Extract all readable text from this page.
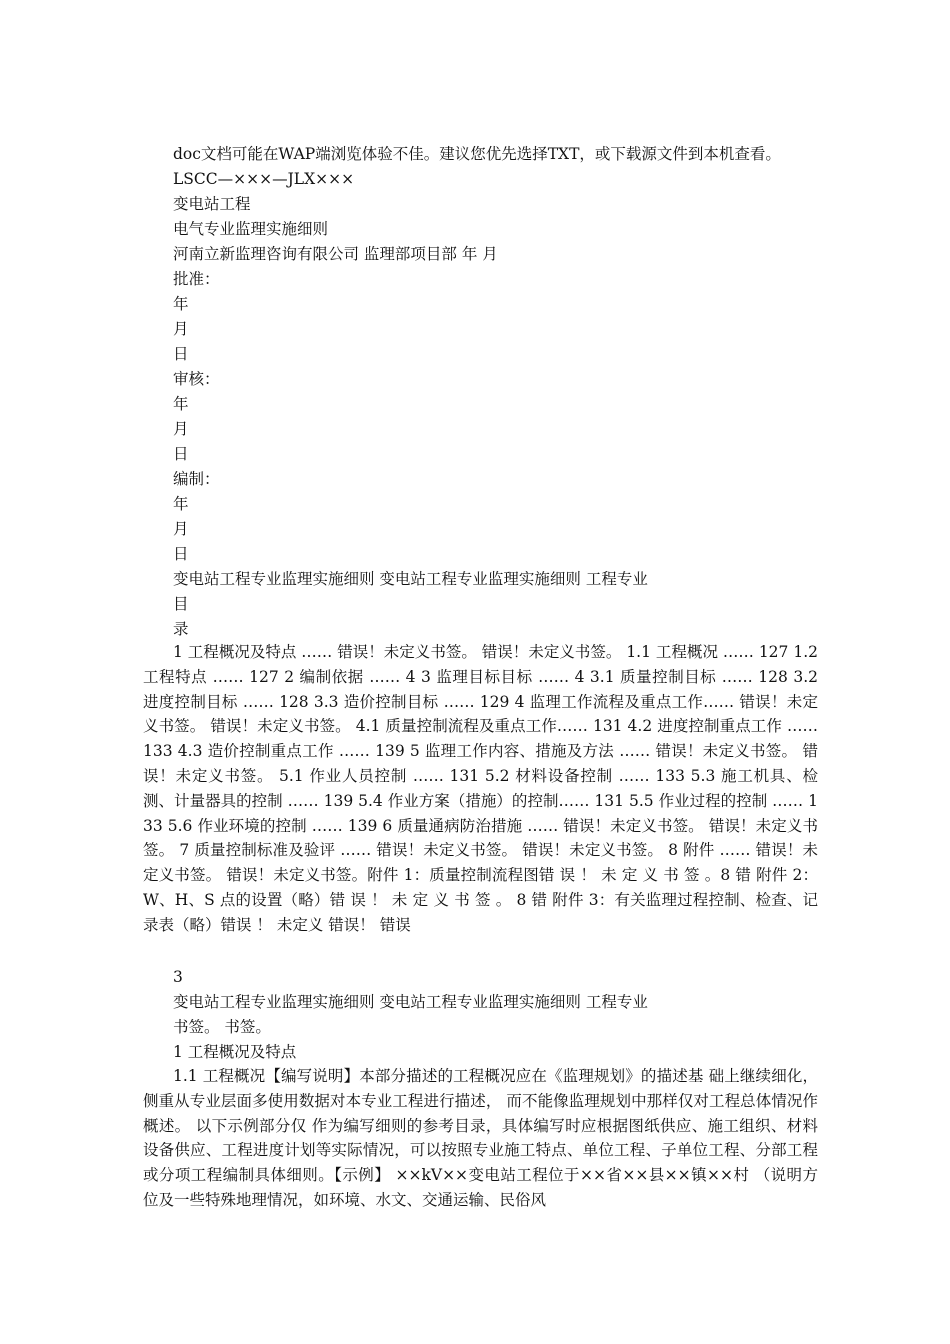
doc文档可能在WAP端浏览体验不佳。建议您优先选择TXT，或下载源文件到本机查看。
LSCC—×××—JLX×××
变电站工程
电气专业监理实施细则
河南立新监理咨询有限公司 监理部项目部 年 月
批准：
年
月
日
审核：
年
月
日
编制：
年
月
日
变电站工程专业监理实施细则 变电站工程专业监理实施细则 工程专业
目
录
1 工程概况及特点 …… 错误！未定义书签。 错误！未定义书签。 1.1 工程概况 …… 127 1.2 工程特点 …… 127 2 编制依据 …… 4 3 监理目标目标 …… 4 3.1 质量控制目标 …… 128 3.2 进度控制目标 …… 128 3.3 造价控制目标 …… 129 4 监理工作流程及重点工作…… 错误！未定义书签。 错误！未定义书签。 4.1 质量控制流程及重点工作…… 131 4.2 进度控制重点工作 …… 133 4.3 造价控制重点工作 …… 139 5 监理工作内容、措施及方法 …… 错误！未定义书签。 错误！未定义书签。 5.1 作业人员控制 …… 131 5.2 材料设备控制 …… 133 5.3 施工机具、检测、计量器具的控制 …… 139 5.4 作业方案（措施）的控制…… 131 5.5 作业过程的控制 …… 133 5.6 作业环境的控制 …… 139 6 质量通病防治措施 …… 错误！未定义书签。 错误！未定义书签。 7 质量控制标准及验评 …… 错误！未定义书签。 错误！未定义书签。 8 附件 …… 错误！未定义书签。 错误！未定义书签。附件 1：质量控制流程图错 误 ！ 未 定 义 书 签 。8 错 附件 2：W、H、S 点的设置（略）错 误 ！ 未 定 义 书 签 。 8 错 附件 3：有关监理过程控制、检查、记录表（略）错误 ！ 未定义 错误！ 错误
3
变电站工程专业监理实施细则 变电站工程专业监理实施细则 工程专业
书签。 书签。
1 工程概况及特点
1.1 工程概况【编写说明】本部分描述的工程概况应在《监理规划》的描述基 础上继续细化，侧重从专业层面多使用数据对本专业工程进行描述， 而不能像监理规划中那样仅对工程总体情况作概述。 以下示例部分仅 作为编写细则的参考目录，具体编写时应根据图纸供应、施工组织、材料设备供应、工程进度计划等实际情况，可以按照专业施工特点、单位工程、子单位工程、分部工程或分项工程编制具体细则。【示例】 ××kV××变电站工程位于××省××县××镇××村 （说明方 位及一些特殊地理情况，如环境、水文、交通运输、民俗风
